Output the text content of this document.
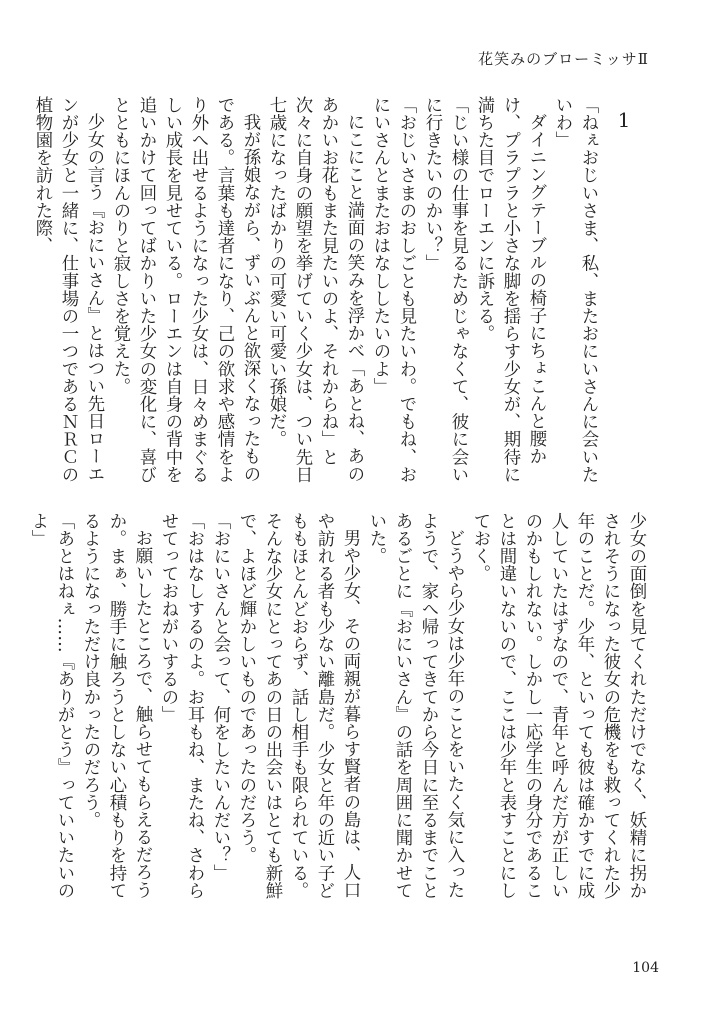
花笑みのブローミッサⅡ
1

「ねぇおじいさま、私、またおにいさんに会いたいわ」

ダイニングテーブルの椅子にちょこんと腰かけ、プラプラと小さな脚を揺らす少女が、期待に満ちた目でローエンに訴える。

「じい様の仕事を見るためじゃなくて、彼に会いに行きたいのかい？」

「おじいさまのおしごとも見たいわ。でもね、おにいさんとまたおはなししたいのよ」

にこにこと満面の笑みを浮かべ「あとね、あのあかいお花もまた見たいのよ、それからね」と次々に自身の願望を挙げていく少女は、つい先日七歳になったばかりの可愛い可愛い孫娘だ。

我が孫娘ながら、ずいぶんと欲深くなったものである。言葉も達者になり、己の欲求や感情をより外へ出せるようになった少女は、日々めまぐるしい成長を見せている。ローエンは自身の背中を追いかけて回ってばかりいた少女の変化に、喜びとともにほんのりと寂しさを覚えた。

少女の言う『おにいさん』とはつい先日ローエンが少女と一緒に、仕事場の一つであるＮＲＣの植物園を訪れた際、

少女の面倒を見てくれただけでなく、妖精に拐かされそうになった彼女の危機をも救ってくれた少年のことだ。少年、といっても彼は確かすでに成人していたはずなので、青年と呼んだ方が正しいのかもしれない。しかし一応学生の身分であることは間違いないので、ここは少年と表すことにしておく。

どうやら少女は少年のことをいたく気に入ったようで、家へ帰ってきてから今日に至るまでことあるごとに『おにいさん』の話を周囲に聞かせていた。

男や少女、その両親が暮らす賢者の島は、人口や訪れる者も少ない離島だ。少女と年の近い子どももほとんどおらず、話し相手も限られている。そんな少女にとってあの日の出会いはとても新鮮で、よほど輝かしいものであったのだろう。

「おにいさんと会って、何をしたいんだい？」

「おはなしするのよ。お耳もね、またね、さわらせてっておねがいするの」

お願いしたところで、触らせてもらえるだろうか。まぁ、勝手に触ろうとしない心積もりを持てるようになっただけ良かったのだろう。

「あとはねぇ……『ありがとう』っていいたいのよ」

104
